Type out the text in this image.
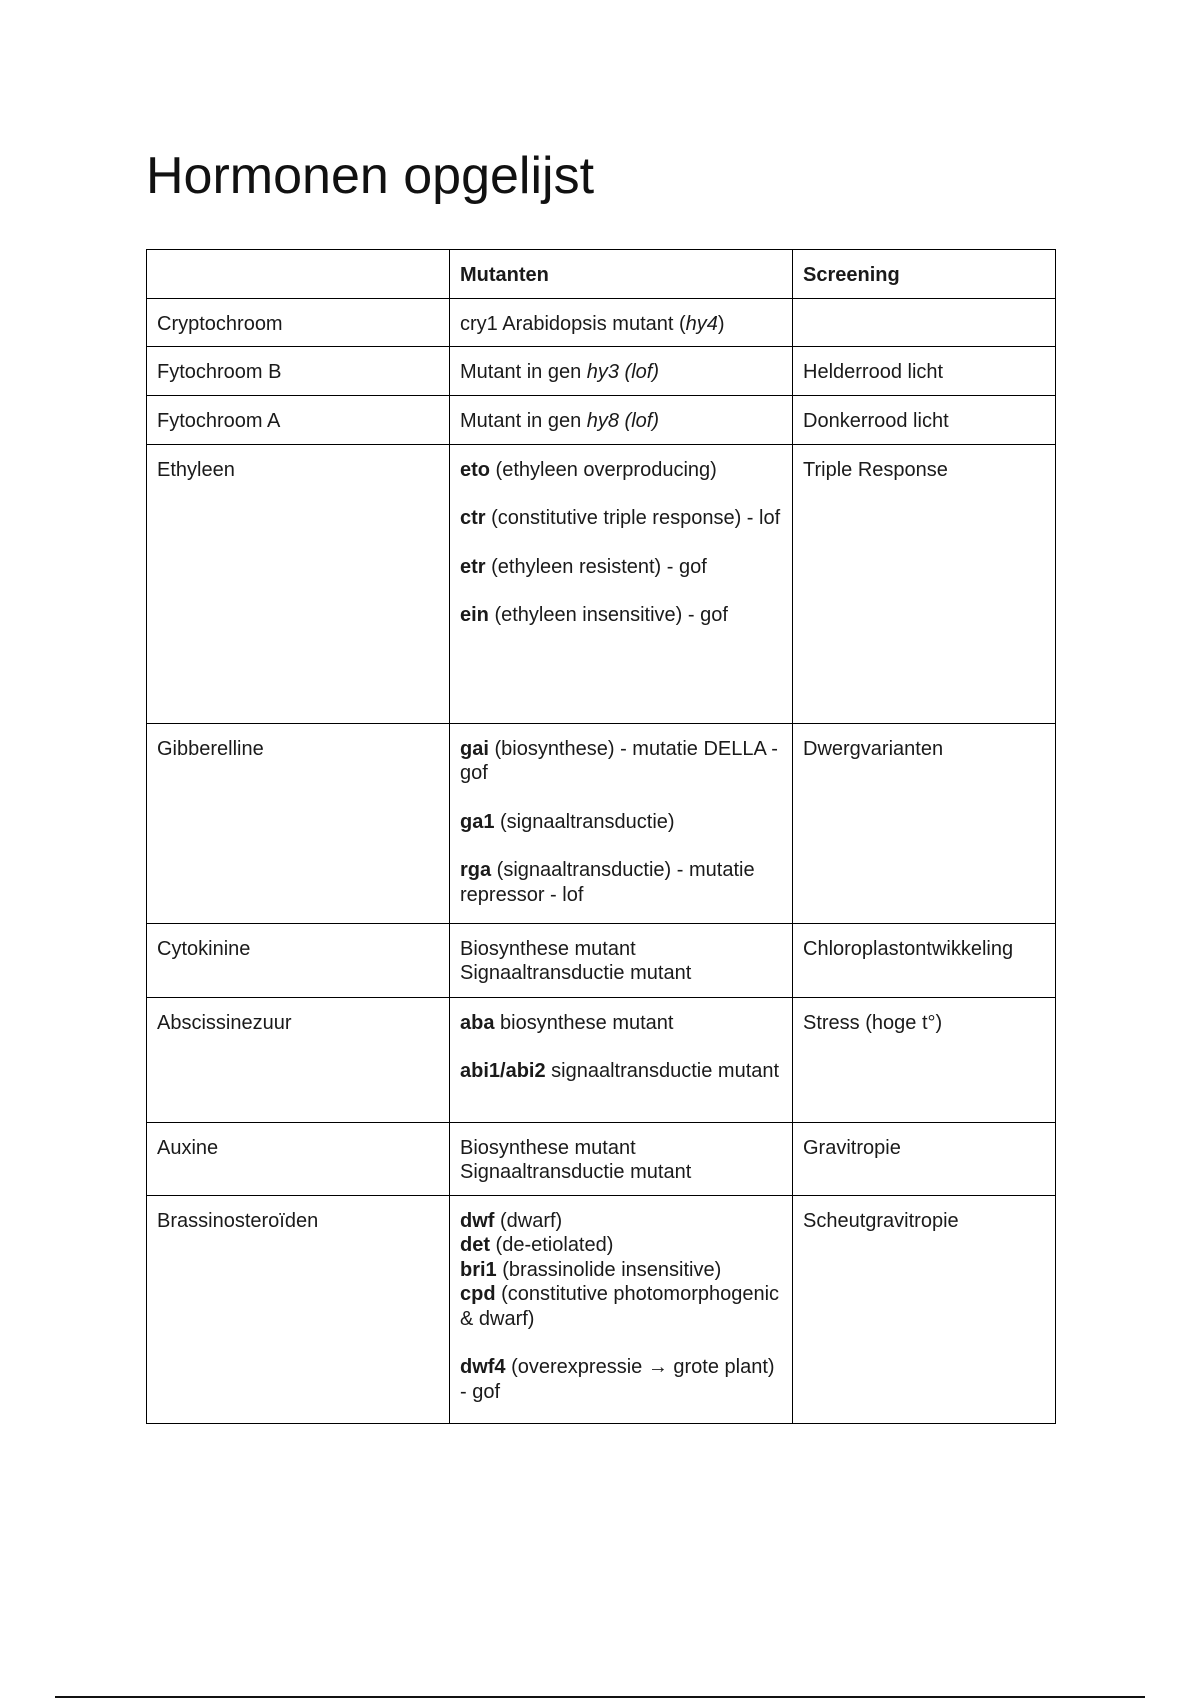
Hormonen opgelijst
	Mutanten	Screening
Cryptochroom	cry1 Arabidopsis mutant (hy4)	

Fytochroom B	Mutant in gen hy3 (lof)	Helderrood licht
Fytochroom A	Mutant in gen hy8 (lof)	Donkerrood licht
Ethyleen	eto (ethyleen overproducing)

ctr (constitutive triple response) - lof

etr (ethyleen resistent) - gof

ein (ethyleen insensitive) - gof	Triple Response
Gibberelline	gai (biosynthese) - mutatie DELLA - gof

ga1 (signaaltransductie)

rga (signaaltransductie) - mutatie repressor - lof	Dwergvarianten
Cytokinine	Biosynthese mutant

Signaaltransductie mutant	Chloroplastontwikkeling
Abscissinezuur	aba biosynthese mutant

abi1/abi2 signaaltransductie mutant	Stress (hoge t°)
Auxine	Biosynthese mutant

Signaaltransductie mutant	Gravitropie
Brassinosteroïden	dwf (dwarf)

det (de-etiolated)

bri1 (brassinolide insensitive)

cpd (constitutive photomorphogenic & dwarf)

dwf4 (overexpressie → grote plant) - gof	Scheutgravitropie
